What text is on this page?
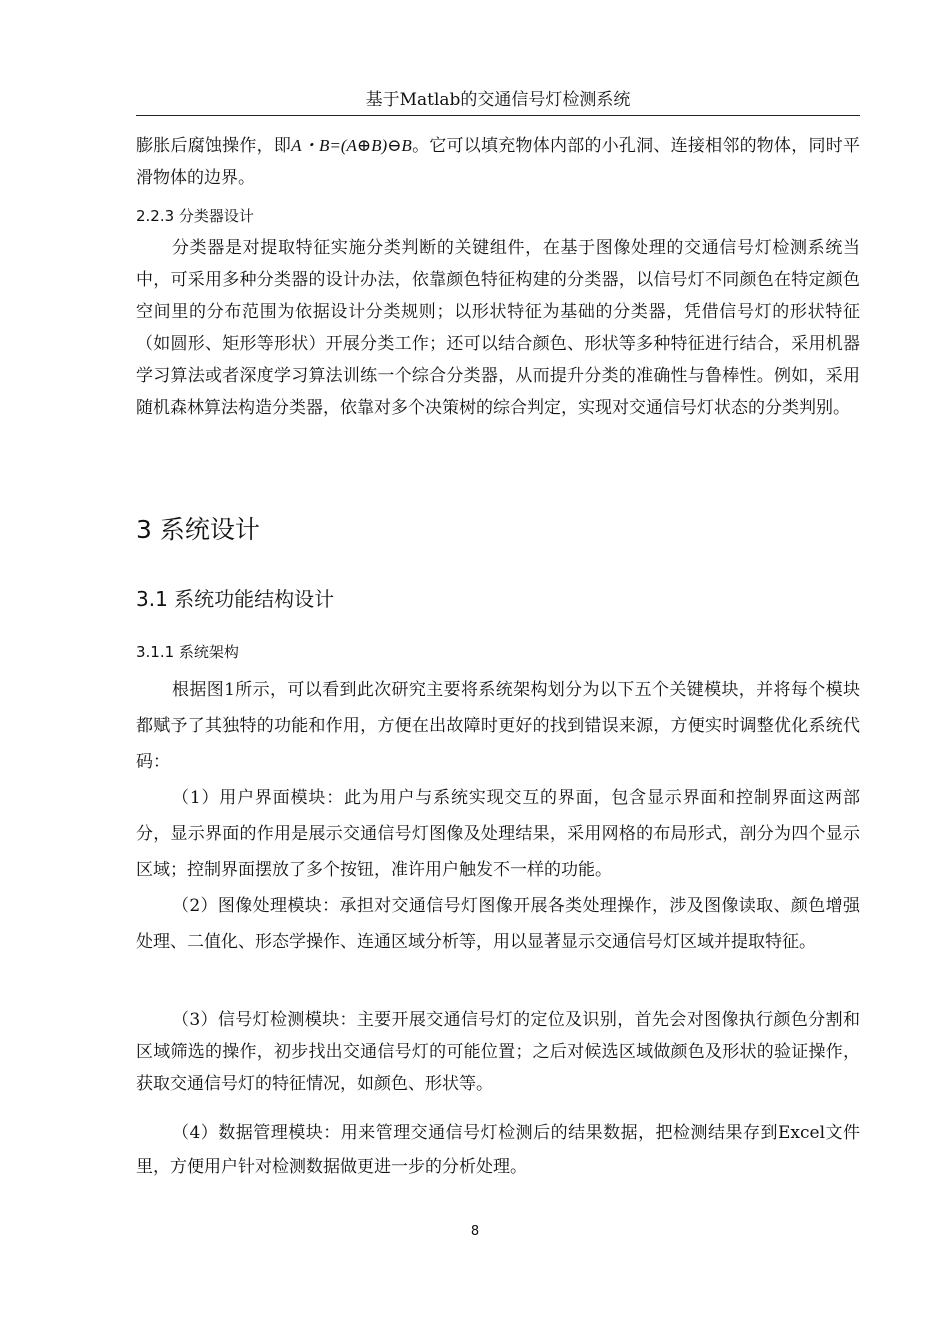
基于Matlab的交通信号灯检测系统

膨胀后腐蚀操作，即A・B=(A⊕B)⊖B。它可以填充物体内部的小孔洞、连接相邻的物体，同时平滑物体的边界。

2.2.3 分类器设计

分类器是对提取特征实施分类判断的关键组件，在基于图像处理的交通信号灯检测系统当中，可采用多种分类器的设计办法，依靠颜色特征构建的分类器，以信号灯不同颜色在特定颜色空间里的分布范围为依据设计分类规则；以形状特征为基础的分类器，凭借信号灯的形状特征（如圆形、矩形等形状）开展分类工作；还可以结合颜色、形状等多种特征进行结合，采用机器学习算法或者深度学习算法训练一个综合分类器，从而提升分类的准确性与鲁棒性。例如，采用随机森林算法构造分类器，依靠对多个决策树的综合判定，实现对交通信号灯状态的分类判别。

3 系统设计
3.1 系统功能结构设计
3.1.1 系统架构

根据图1所示，可以看到此次研究主要将系统架构划分为以下五个关键模块，并将每个模块都赋予了其独特的功能和作用，方便在出故障时更好的找到错误来源，方便实时调整优化系统代码：

（1）用户界面模块：此为用户与系统实现交互的界面，包含显示界面和控制界面这两部分，显示界面的作用是展示交通信号灯图像及处理结果，采用网格的布局形式，剖分为四个显示区域；控制界面摆放了多个按钮，准许用户触发不一样的功能。

（2）图像处理模块：承担对交通信号灯图像开展各类处理操作，涉及图像读取、颜色增强处理、二值化、形态学操作、连通区域分析等，用以显著显示交通信号灯区域并提取特征。

（3）信号灯检测模块：主要开展交通信号灯的定位及识别，首先会对图像执行颜色分割和区域筛选的操作，初步找出交通信号灯的可能位置；之后对候选区域做颜色及形状的验证操作，获取交通信号灯的特征情况，如颜色、形状等。

（4）数据管理模块：用来管理交通信号灯检测后的结果数据，把检测结果存到Excel文件里，方便用户针对检测数据做更进一步的分析处理。

8
